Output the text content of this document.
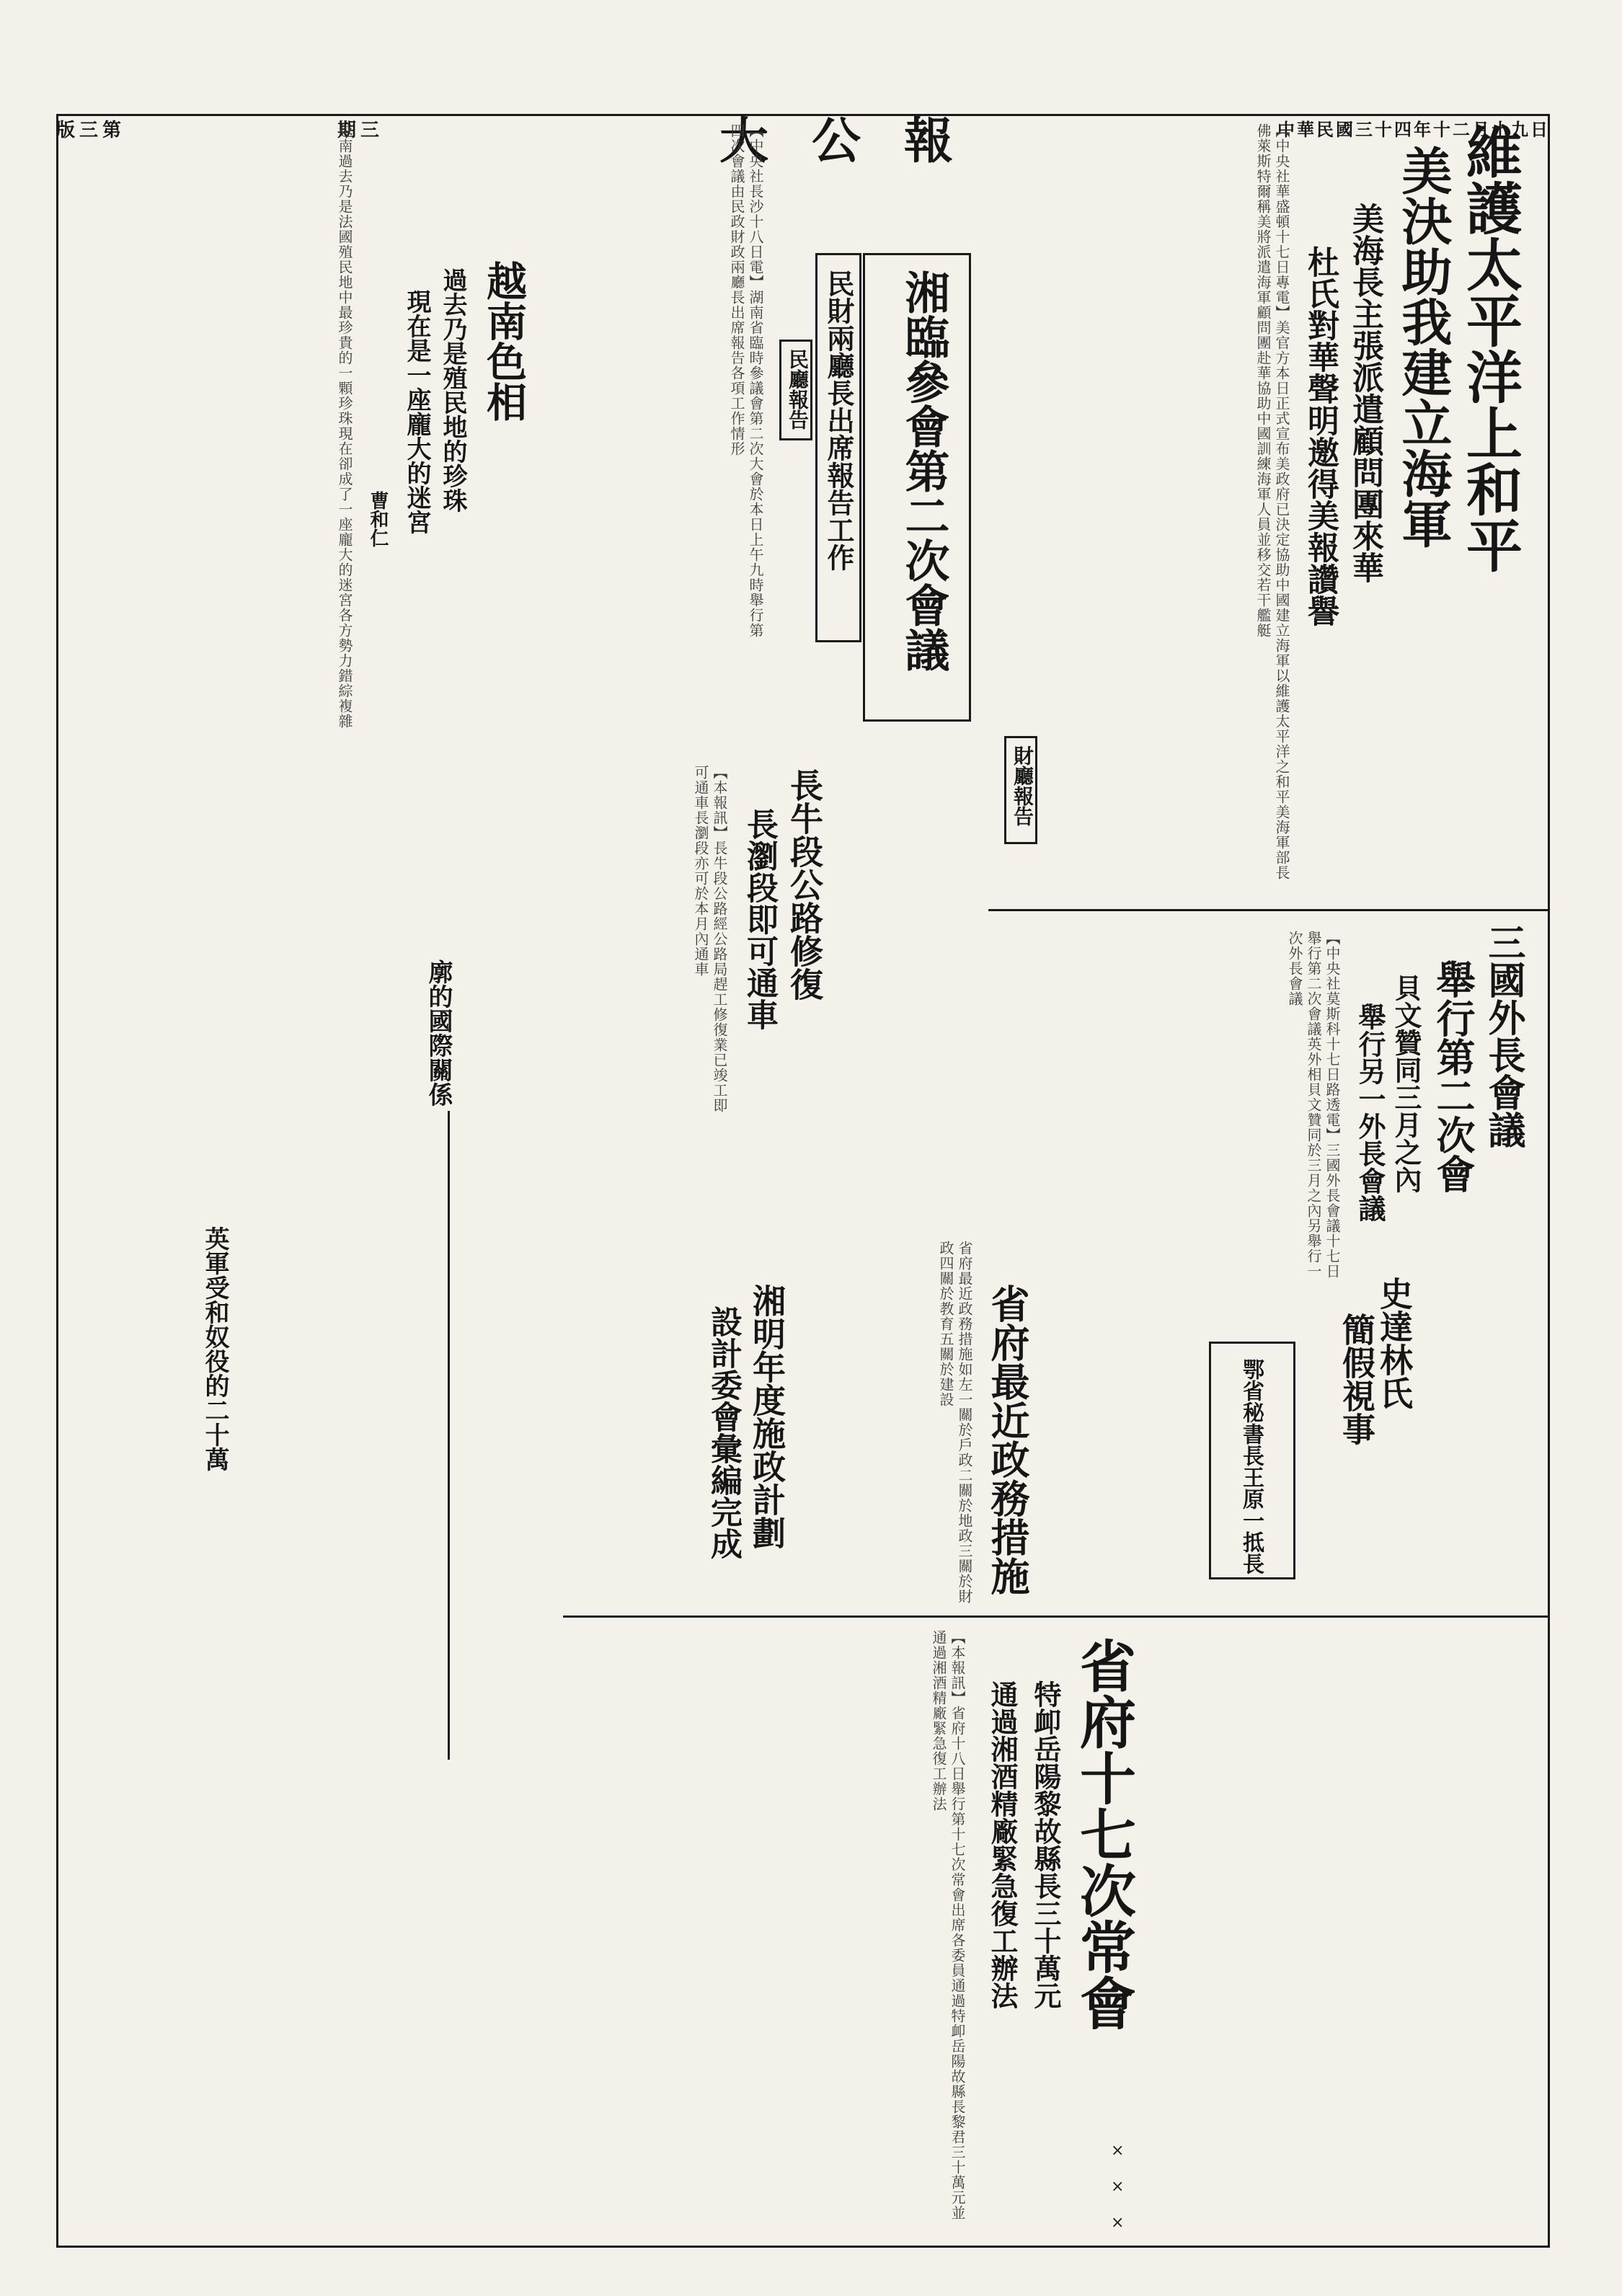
版三第	期三	大公報	中華民國三十四年十二月十九日
維護太平洋上和平
美決助我建立海軍
美海長主張派遣顧問團來華
杜氏對華聲明邀得美報讚譽
【中央社華盛頓十七日專電】美官方本日正式宣布美政府已決定協助中國建立海軍以維護太平洋之和平美海軍部長佛萊斯特爾稱美將派遣海軍顧問團赴華協助中國訓練海軍人員並移交若干艦艇
湘臨參會第二次會議
民財兩廳長出席報告工作
民廳報告
【中央社長沙十八日電】湖南省臨時參議會第二次大會於本日上午九時舉行第四次會議由民政財政兩廳長出席報告各項工作情形
財廳報告
長牛段公路修復
長瀏段即可通車
【本報訊】長牛段公路經公路局趕工修復業已竣工即可通車長瀏段亦可於本月內通車
三國外長會議
舉行第二次會
貝文贊同三月之內
舉行另一外長會議
【中央社莫斯科十七日路透電】三國外長會議十七日舉行第二次會議英外相貝文贊同於三月之內另舉行一次外長會議
史達林氏
簡假視事
鄂省秘書長王原一抵長
越南色相
過去乃是殖民地的珍珠
現在是一座龐大的迷宮
曹和仁
越南過去乃是法國殖民地中最珍貴的一顆珍珠現在卻成了一座龐大的迷宮各方勢力錯綜複雜
廓的國際關係
英軍受和奴役的二十萬	省府最近政務措施
省府最近政務措施如左一關於戶政二關於地政三關於財政四關於教育五關於建設
湘明年度施政計劃
設計委會彙編完成
省府十七次常會
特卹岳陽黎故縣長三十萬元
通過湘酒精廠緊急復工辦法
【本報訊】省府十八日舉行第十七次常會出席各委員通過特卹岳陽故縣長黎君三十萬元並通過湘酒精廠緊急復工辦法
×
×
×
